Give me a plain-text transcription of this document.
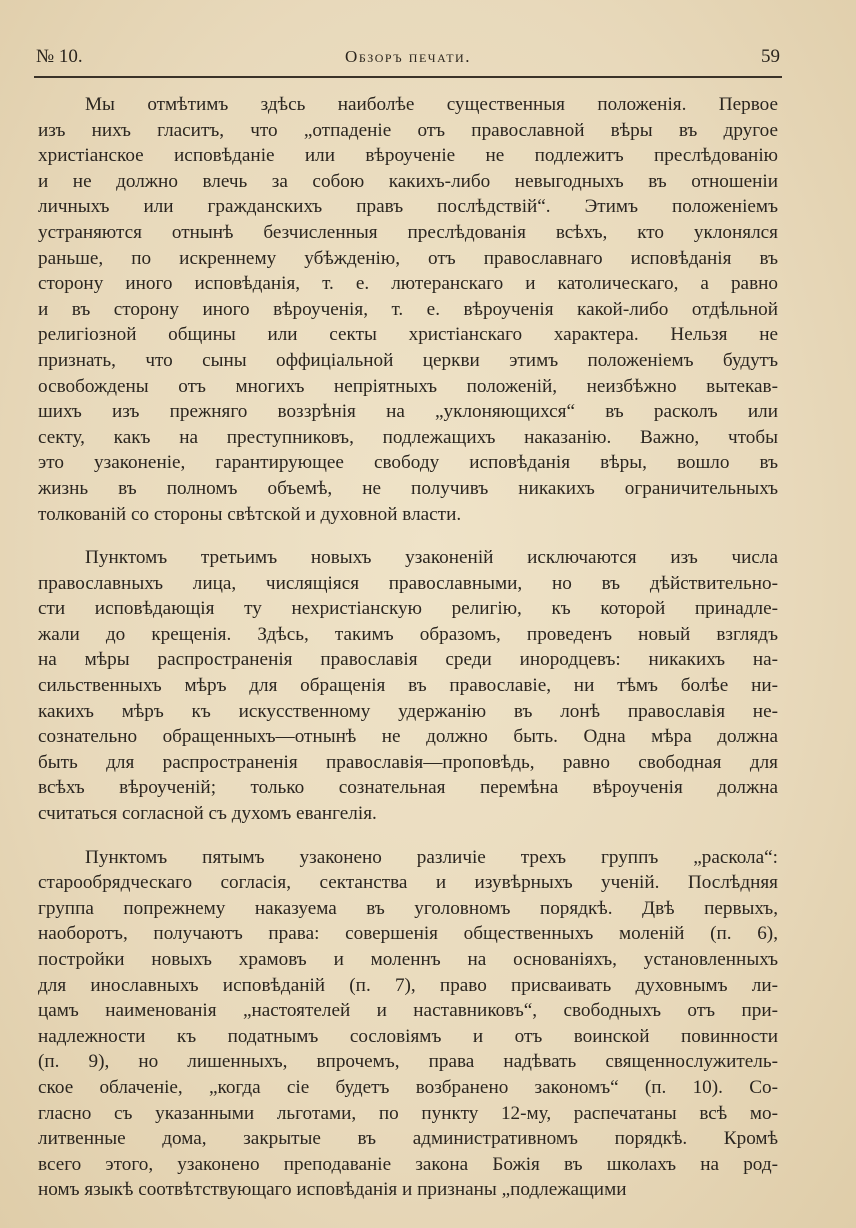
№ 10.	Обзоръ печати.	59
Мы отмѣтимъ здѣсь наиболѣе существенныя положенія. Первое
изъ нихъ гласитъ, что „отпаденіе отъ православной вѣры въ другое
христіанское исповѣданіе или вѣроученіе не подлежитъ преслѣдованію
и не должно влечь за собою какихъ-либо невыгодныхъ въ отношеніи
личныхъ или гражданскихъ правъ послѣдствій“. Этимъ положеніемъ
устраняются отнынѣ безчисленныя преслѣдованія всѣхъ, кто уклонялся
раньше, по искреннему убѣжденію, отъ православнаго исповѣданія въ
сторону иного исповѣданія, т. е. лютеранскаго и католическаго, а равно
и въ сторону иного вѣроученія, т. е. вѣроученія какой-либо отдѣльной
религіозной общины или секты христіанскаго характера. Нельзя не
признать, что сыны оффиціальной церкви этимъ положеніемъ будутъ
освобождены отъ многихъ непріятныхъ положеній, неизбѣжно вытекав-
шихъ изъ прежняго воззрѣнія на „уклоняющихся“ въ расколъ или
секту, какъ на преступниковъ, подлежащихъ наказанію. Важно, чтобы
это узаконеніе, гарантирующее свободу исповѣданія вѣры, вошло въ
жизнь въ полномъ объемѣ, не получивъ никакихъ ограничительныхъ
толкованій со стороны свѣтской и духовной власти.
Пунктомъ третьимъ новыхъ узаконеній исключаются изъ числа
православныхъ лица, числящіяся православными, но въ дѣйствительно-
сти исповѣдающія ту нехристіанскую религію, къ которой принадле-
жали до крещенія. Здѣсь, такимъ образомъ, проведенъ новый взглядъ
на мѣры распространенія православія среди инородцевъ: никакихъ на-
сильственныхъ мѣръ для обращенія въ православіе, ни тѣмъ болѣе ни-
какихъ мѣръ къ искусственному удержанію въ лонѣ православія не-
сознательно обращенныхъ—отнынѣ не должно быть. Одна мѣра должна
быть для распространенія православія—проповѣдь, равно свободная для
всѣхъ вѣроученій; только сознательная перемѣна вѣроученія должна
считаться согласной съ духомъ евангелія.
Пунктомъ пятымъ узаконено различіе трехъ группъ „раскола“:
старообрядческаго согласія, сектанства и изувѣрныхъ ученій. Послѣдняя
группа попрежнему наказуема въ уголовномъ порядкѣ. Двѣ первыхъ,
наоборотъ, получаютъ права: совершенія общественныхъ моленій (п. 6),
постройки новыхъ храмовъ и моленнъ на основаніяхъ, установленныхъ
для инославныхъ исповѣданій (п. 7), право присваивать духовнымъ ли-
цамъ наименованія „настоятелей и наставниковъ“, свободныхъ отъ при-
надлежности къ податнымъ сословіямъ и отъ воинской повинности
(п. 9), но лишенныхъ, впрочемъ, права надѣвать священнослужитель-
ское облаченіе, „когда сіе будетъ возбранено закономъ“ (п. 10). Со-
гласно съ указанными льготами, по пункту 12-му, распечатаны всѣ мо-
литвенные дома, закрытые въ административномъ порядкѣ. Кромѣ
всего этого, узаконено преподаваніе закона Божія въ школахъ на род-
номъ языкѣ соотвѣтствующаго исповѣданія и признаны „подлежащими
